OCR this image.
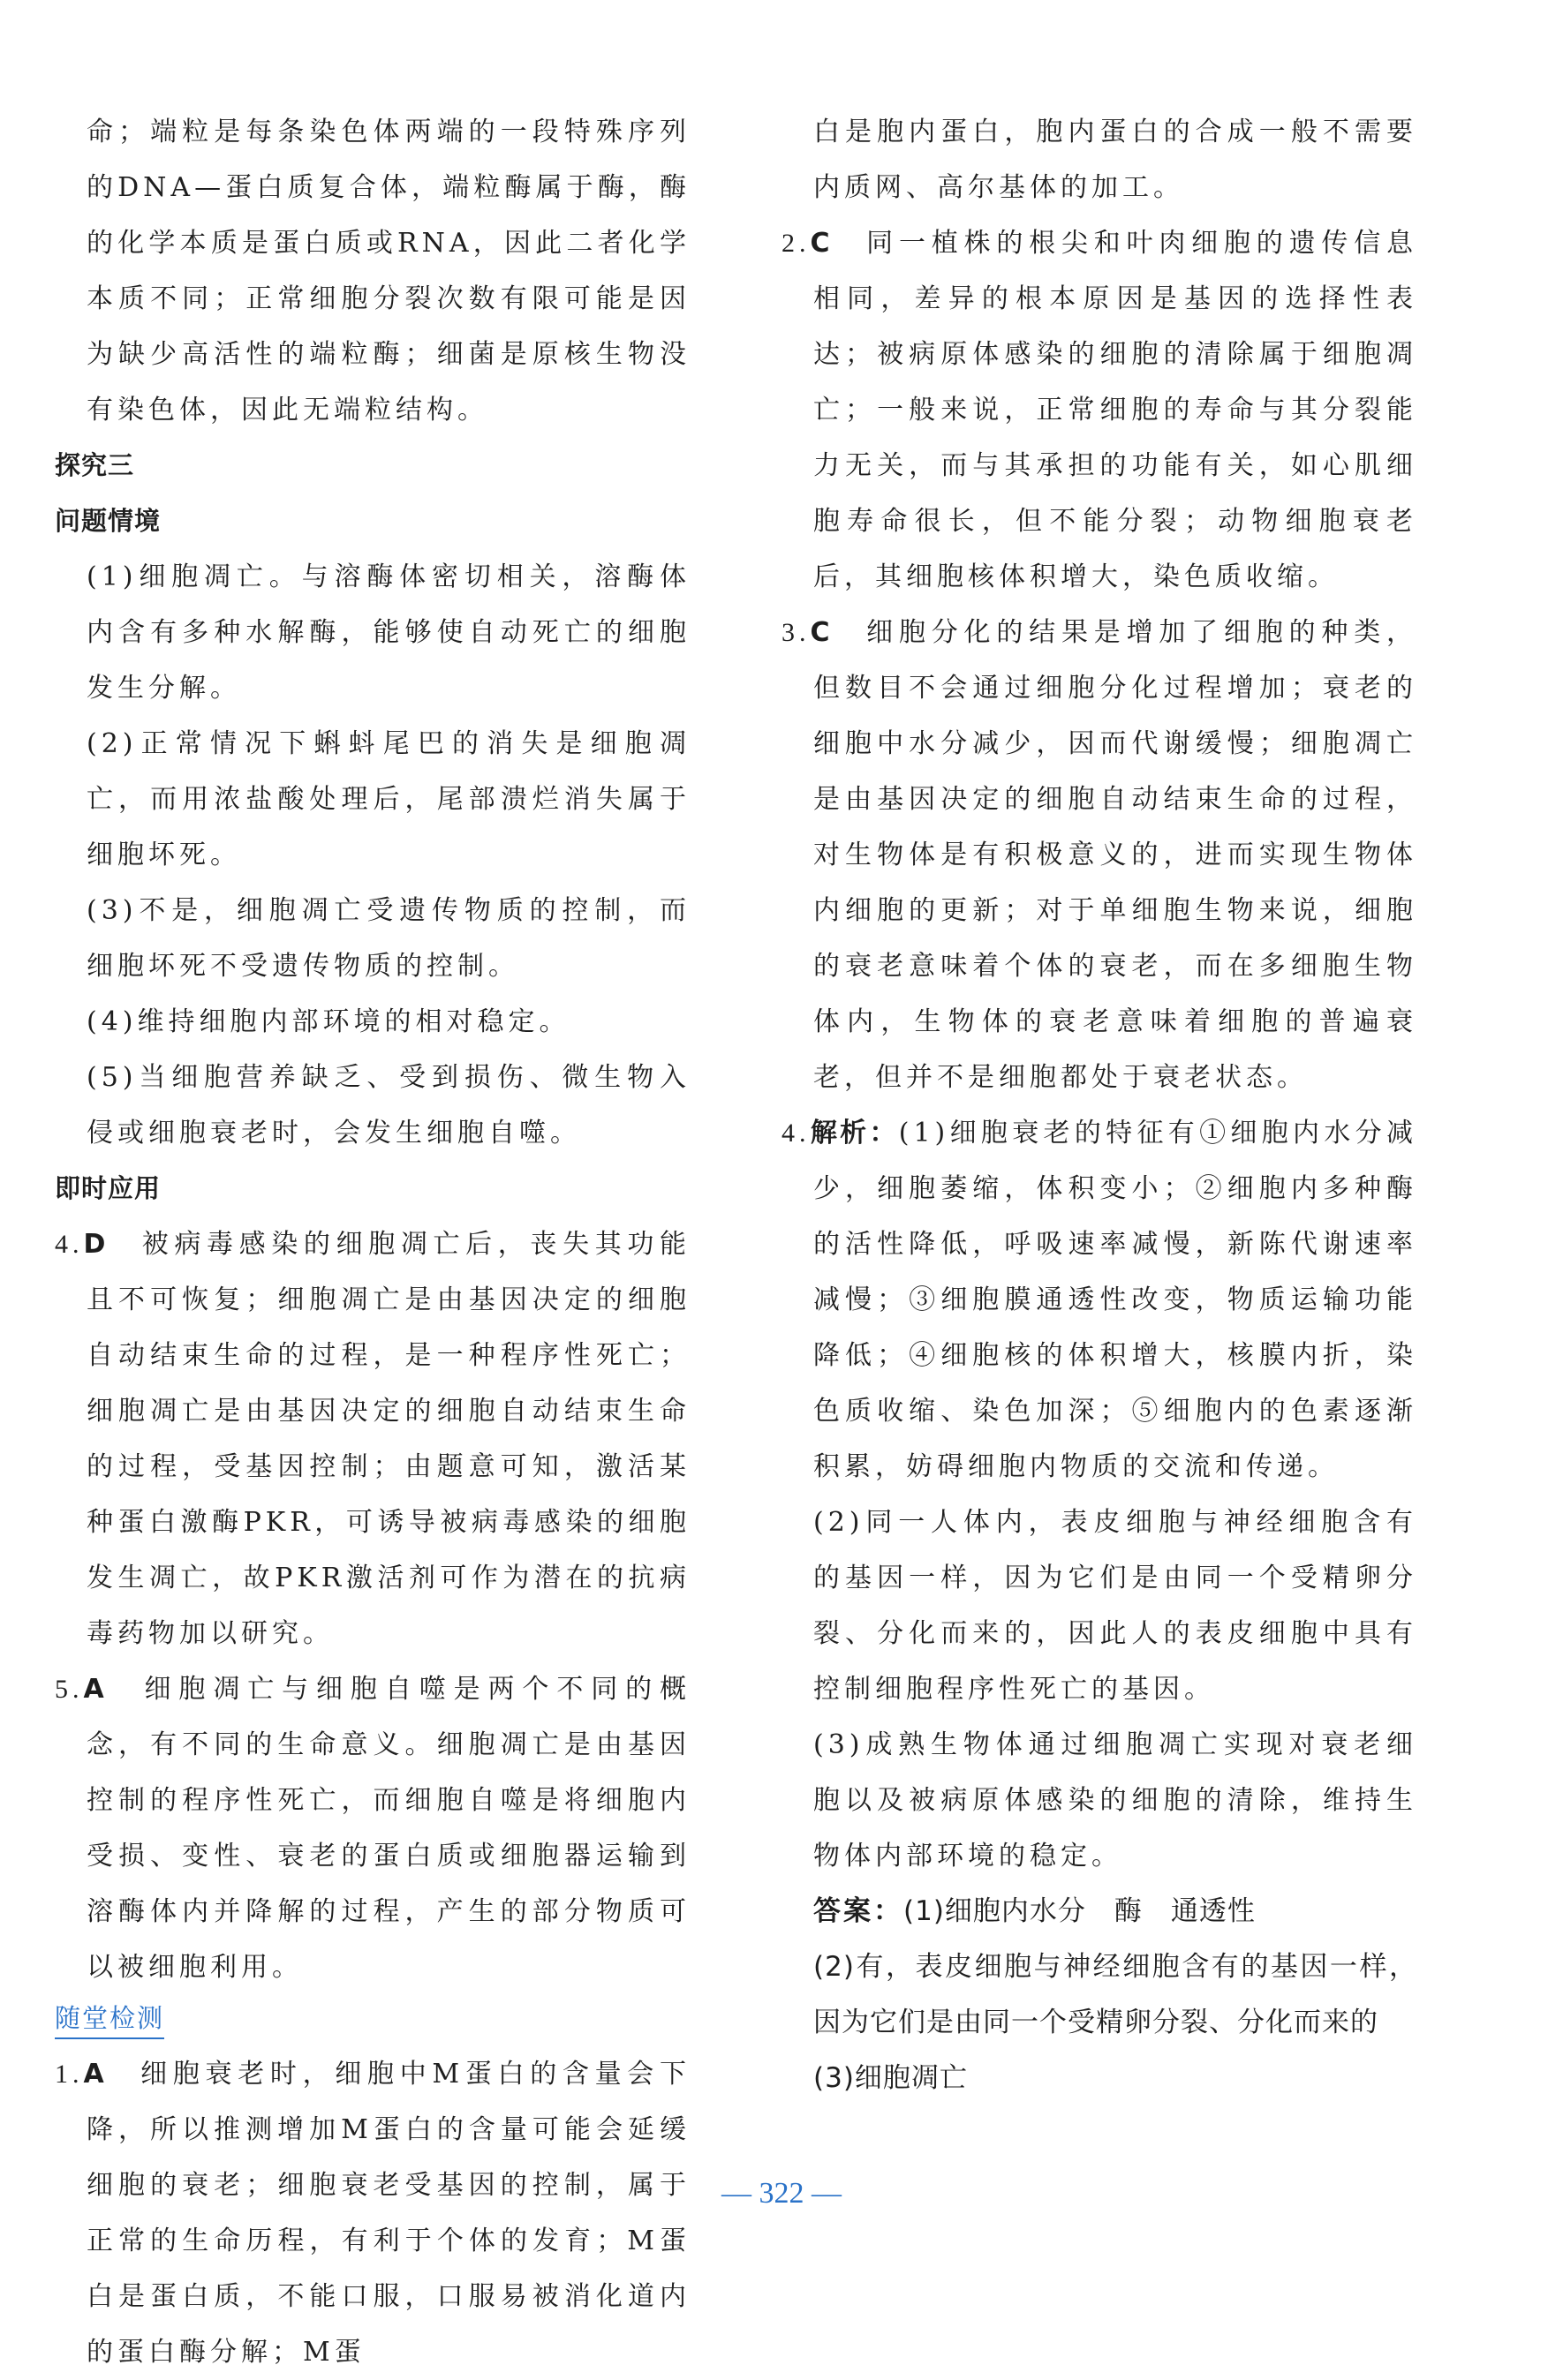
命；端粒是每条染色体两端的一段特殊序列的DNA—蛋白质复合体，端粒酶属于酶，酶的化学本质是蛋白质或RNA，因此二者化学本质不同；正常细胞分裂次数有限可能是因为缺少高活性的端粒酶；细菌是原核生物没有染色体，因此无端粒结构。

探究三
问题情境

(1)细胞凋亡。与溶酶体密切相关，溶酶体内含有多种水解酶，能够使自动死亡的细胞发生分解。

(2)正常情况下蝌蚪尾巴的消失是细胞凋亡，而用浓盐酸处理后，尾部溃烂消失属于细胞坏死。

(3)不是，细胞凋亡受遗传物质的控制，而细胞坏死不受遗传物质的控制。

(4)维持细胞内部环境的相对稳定。

(5)当细胞营养缺乏、受到损伤、微生物入侵或细胞衰老时，会发生细胞自噬。

即时应用

4.D　 被病毒感染的细胞凋亡后，丧失其功能且不可恢复；细胞凋亡是由基因决定的细胞自动结束生命的过程，是一种程序性死亡；细胞凋亡是由基因决定的细胞自动结束生命的过程，受基因控制；由题意可知，激活某种蛋白激酶PKR，可诱导被病毒感染的细胞发生凋亡，故PKR激活剂可作为潜在的抗病毒药物加以研究。

5.A　 细胞凋亡与细胞自噬是两个不同的概念，有不同的生命意义。细胞凋亡是由基因控制的程序性死亡，而细胞自噬是将细胞内受损、变性、衰老的蛋白质或细胞器运输到溶酶体内并降解的过程，产生的部分物质可以被细胞利用。

随堂检测

1.A　 细胞衰老时，细胞中M蛋白的含量会下降，所以推测增加M蛋白的含量可能会延缓细胞的衰老；细胞衰老受基因的控制，属于正常的生命历程，有利于个体的发育；M蛋白是蛋白质，不能口服，口服易被消化道内的蛋白酶分解；M蛋

白是胞内蛋白，胞内蛋白的合成一般不需要内质网、高尔基体的加工。

2.C　 同一植株的根尖和叶肉细胞的遗传信息相同，差异的根本原因是基因的选择性表达；被病原体感染的细胞的清除属于细胞凋亡；一般来说，正常细胞的寿命与其分裂能力无关，而与其承担的功能有关，如心肌细胞寿命很长，但不能分裂；动物细胞衰老后，其细胞核体积增大，染色质收缩。

3.C　 细胞分化的结果是增加了细胞的种类，但数目不会通过细胞分化过程增加；衰老的细胞中水分减少，因而代谢缓慢；细胞凋亡是由基因决定的细胞自动结束生命的过程，对生物体是有积极意义的，进而实现生物体内细胞的更新；对于单细胞生物来说，细胞的衰老意味着个体的衰老，而在多细胞生物体内，生物体的衰老意味着细胞的普遍衰老，但并不是细胞都处于衰老状态。

4.解析：(1)细胞衰老的特征有①细胞内水分减少，细胞萎缩，体积变小；②细胞内多种酶的活性降低，呼吸速率减慢，新陈代谢速率减慢；③细胞膜通透性改变，物质运输功能降低；④细胞核的体积增大，核膜内折，染色质收缩、染色加深；⑤细胞内的色素逐渐积累，妨碍细胞内物质的交流和传递。

(2)同一人体内，表皮细胞与神经细胞含有的基因一样，因为它们是由同一个受精卵分裂、分化而来的，因此人的表皮细胞中具有控制细胞程序性死亡的基因。

(3)成熟生物体通过细胞凋亡实现对衰老细胞以及被病原体感染的细胞的清除，维持生物体内部环境的稳定。

答案：(1)细胞内水分　酶　通透性

(2)有，表皮细胞与神经细胞含有的基因一样，因为它们是由同一个受精卵分裂、分化而来的

(3)细胞凋亡

— 322 —
